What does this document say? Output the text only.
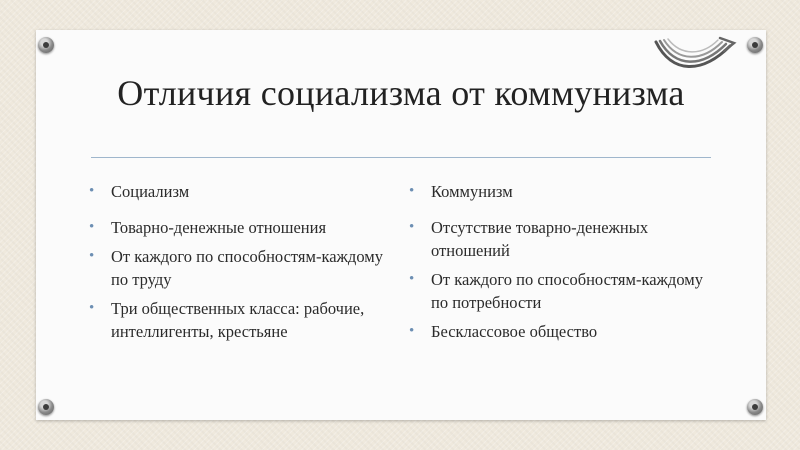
Отличия социализма от коммунизма
• Социализм
• Товарно-денежные отношения
• От каждого по способностям-каждому по труду
• Три общественных класса: рабочие, интеллигенты, крестьяне
• Коммунизм
• Отсутствие товарно-денежных отношений
• От каждого по способностям-каждому по потребности
• Бесклассовое общество
